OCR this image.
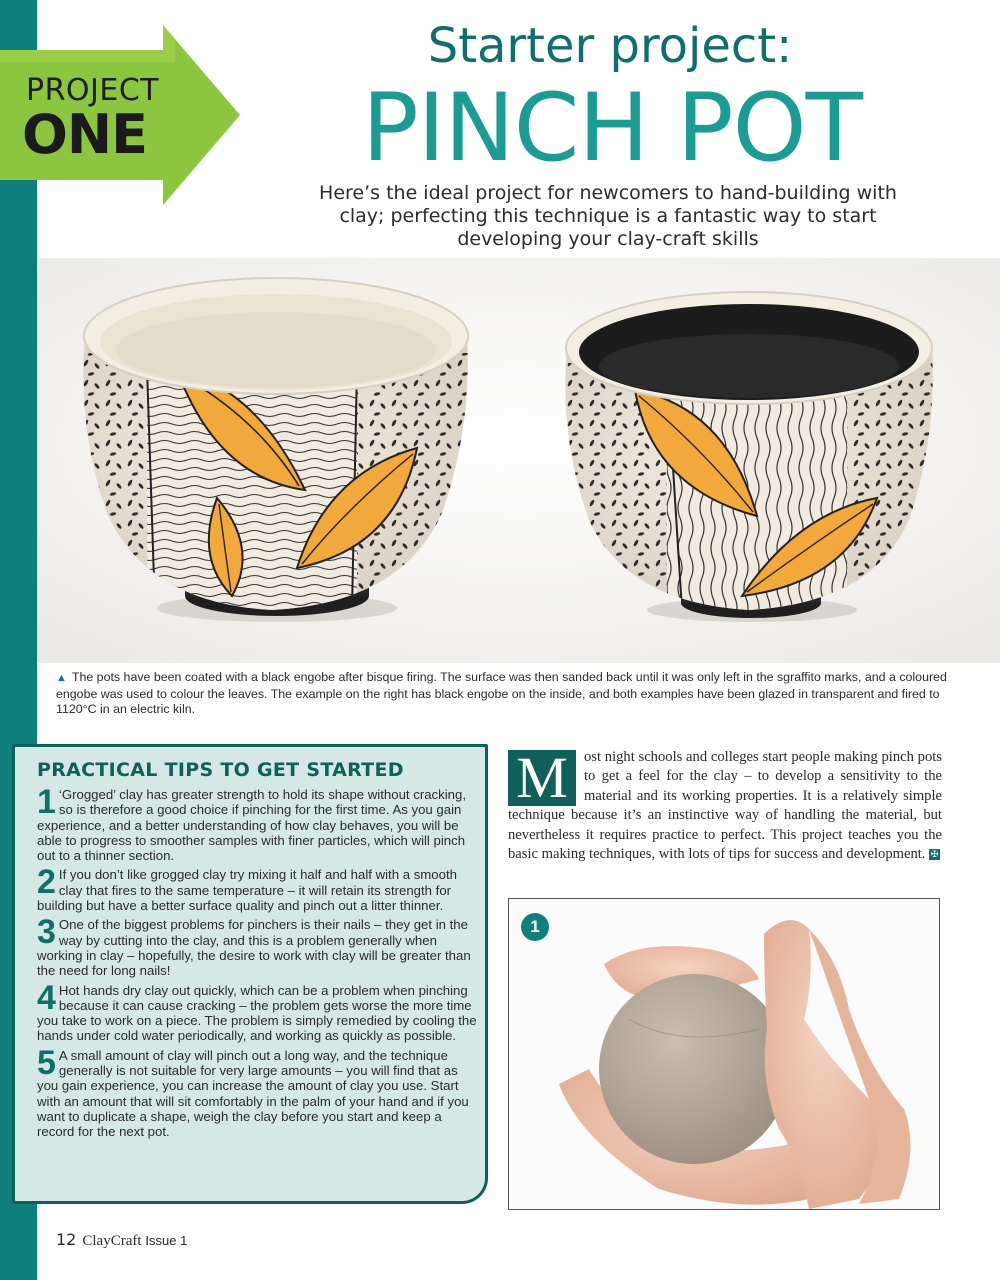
PROJECT
ONE
Starter project:
PINCH POT
Here’s the ideal project for newcomers to hand-building with clay; perfecting this technique is a fantastic way to start developing your clay-craft skills
▲ The pots have been coated with a black engobe after bisque firing. The surface was then sanded back until it was only left in the sgraffito marks, and a coloured engobe was used to colour the leaves. The example on the right has black engobe on the inside, and both examples have been glazed in transparent and fired to 1120°C in an electric kiln.
PRACTICAL TIPS TO GET STARTED
1 ‘Grogged’ clay has greater strength to hold its shape without cracking, so is therefore a good choice if pinching for the first time. As you gain experience, and a better understanding of how clay behaves, you will be able to progress to smoother samples with finer particles, which will pinch out to a thinner section.
2 If you don’t like grogged clay try mixing it half and half with a smooth clay that fires to the same temperature – it will retain its strength for building but have a better surface quality and pinch out a litter thinner.
3 One of the biggest problems for pinchers is their nails – they get in the way by cutting into the clay, and this is a problem generally when working in clay – hopefully, the desire to work with clay will be greater than the need for long nails!
4 Hot hands dry clay out quickly, which can be a problem when pinching because it can cause cracking – the problem gets worse the more time you take to work on a piece. The problem is simply remedied by cooling the hands under cold water periodically, and working as quickly as possible.
5 A small amount of clay will pinch out a long way, and the technique generally is not suitable for very large amounts – you will find that as you gain experience, you can increase the amount of clay you use. Start with an amount that will sit comfortably in the palm of your hand and if you want to duplicate a shape, weigh the clay before you start and keep a record for the next pot.
M	ost night schools and colleges start people making pinch pots to get a feel for the clay – to develop a sensitivity to the material and its working properties. It is a relatively simple technique because it’s an instinctive way of handling the material, but nevertheless it requires practice to perfect. This project teaches you the basic making techniques, with lots of tips for success and development. ✠
1
12 ClayCraft Issue 1
